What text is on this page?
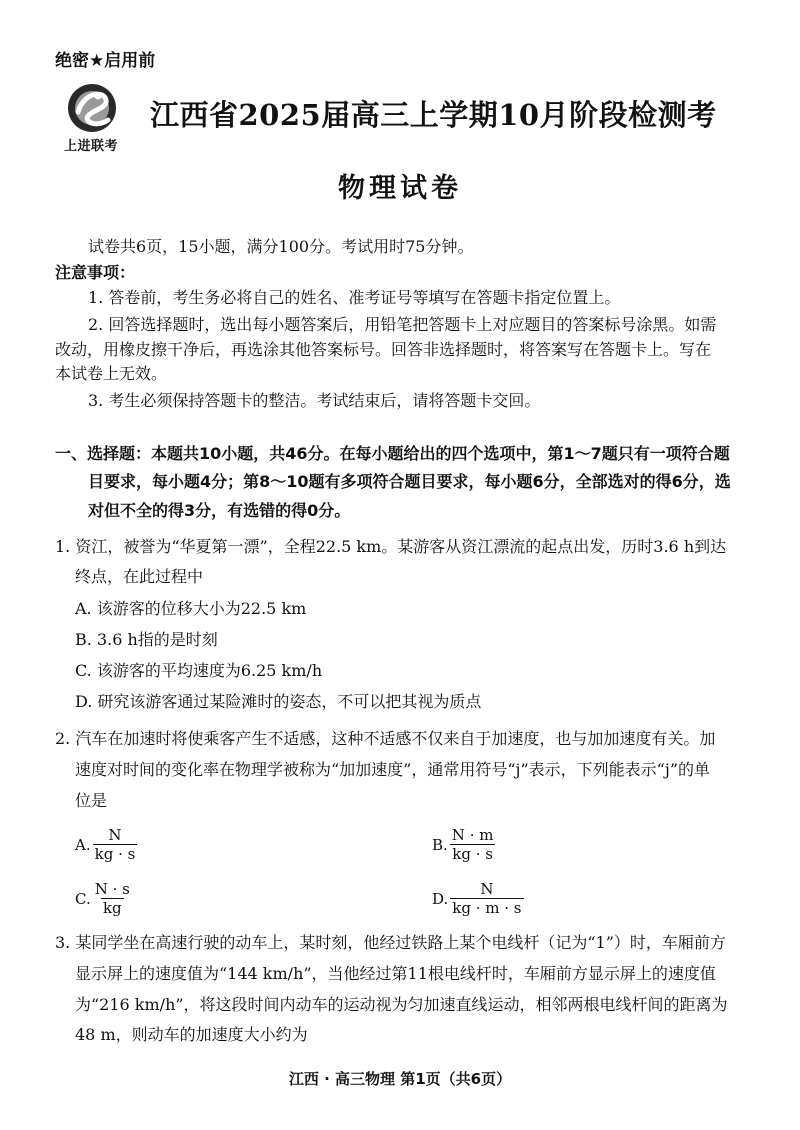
绝密★启用前
上进联考
江西省2025届高三上学期10月阶段检测考
物理试卷
试卷共6页，15小题，满分100分。考试用时75分钟。
注意事项：
1. 答卷前，考生务必将自己的姓名、准考证号等填写在答题卡指定位置上。
2. 回答选择题时，选出每小题答案后，用铅笔把答题卡上对应题目的答案标号涂黑。如需
改动，用橡皮擦干净后，再选涂其他答案标号。回答非选择题时，将答案写在答题卡上。写在
本试卷上无效。
3. 考生必须保持答题卡的整洁。考试结束后，请将答题卡交回。
一、选择题：本题共10小题，共46分。在每小题给出的四个选项中，第1～7题只有一项符合题
目要求，每小题4分；第8～10题有多项符合题目要求，每小题6分，全部选对的得6分，选
对但不全的得3分，有选错的得0分。
1. 资江，被誉为“华夏第一漂”，全程22.5 km。某游客从资江漂流的起点出发，历时3.6 h到达
终点，在此过程中
A. 该游客的位移大小为22.5 km
B. 3.6 h指的是时刻
C. 该游客的平均速度为6.25 km/h
D. 研究该游客通过某险滩时的姿态，不可以把其视为质点
2. 汽车在加速时将使乘客产生不适感，这种不适感不仅来自于加速度，也与加加速度有关。加
速度对时间的变化率在物理学被称为“加加速度”，通常用符号“j”表示，下列能表示“j”的单
位是
A. $\frac{N}{kg \cdot s}$	B. $\frac{N \cdot m}{kg \cdot s}$
C. $\frac{N \cdot s}{kg}$	D. $\frac{N}{kg \cdot m \cdot s}$
3. 某同学坐在高速行驶的动车上，某时刻，他经过铁路上某个电线杆（记为“1”）时，车厢前方
显示屏上的速度值为“144 km/h”，当他经过第11根电线杆时，车厢前方显示屏上的速度值
为“216 km/h”，将这段时间内动车的运动视为匀加速直线运动，相邻两根电线杆间的距离为
48 m，则动车的加速度大小约为
江西 · 高三物理 第1页（共6页）
